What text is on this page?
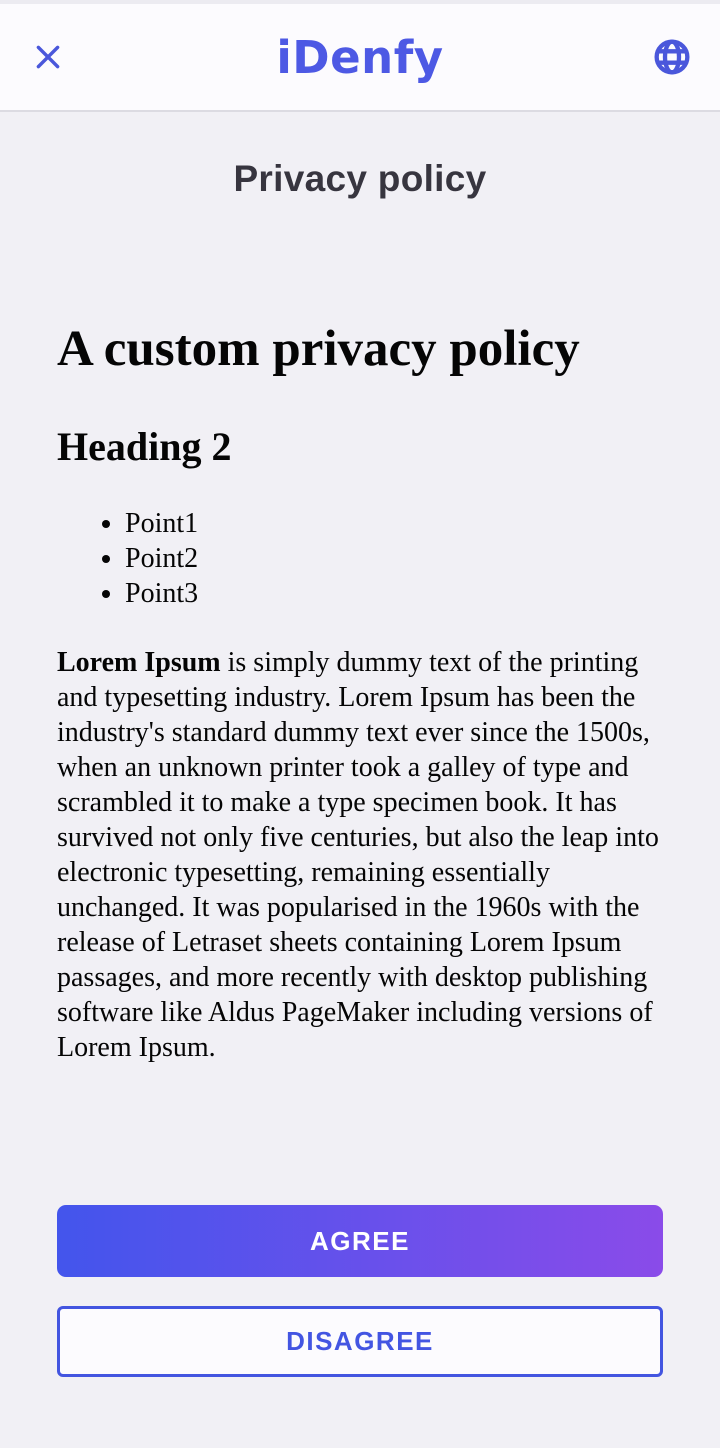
iDenfy
Privacy policy
A custom privacy policy
Heading 2
• Point1
• Point2
• Point3

Lorem Ipsum is simply dummy text of the printing and typesetting industry. Lorem Ipsum has been the industry's standard dummy text ever since the 1500s, when an unknown printer took a galley of type and scrambled it to make a type specimen book. It has survived not only five centuries, but also the leap into electronic typesetting, remaining essentially unchanged. It was popularised in the 1960s with the release of Letraset sheets containing Lorem Ipsum passages, and more recently with desktop publishing software like Aldus PageMaker including versions of Lorem Ipsum.

AGREE
DISAGREE
